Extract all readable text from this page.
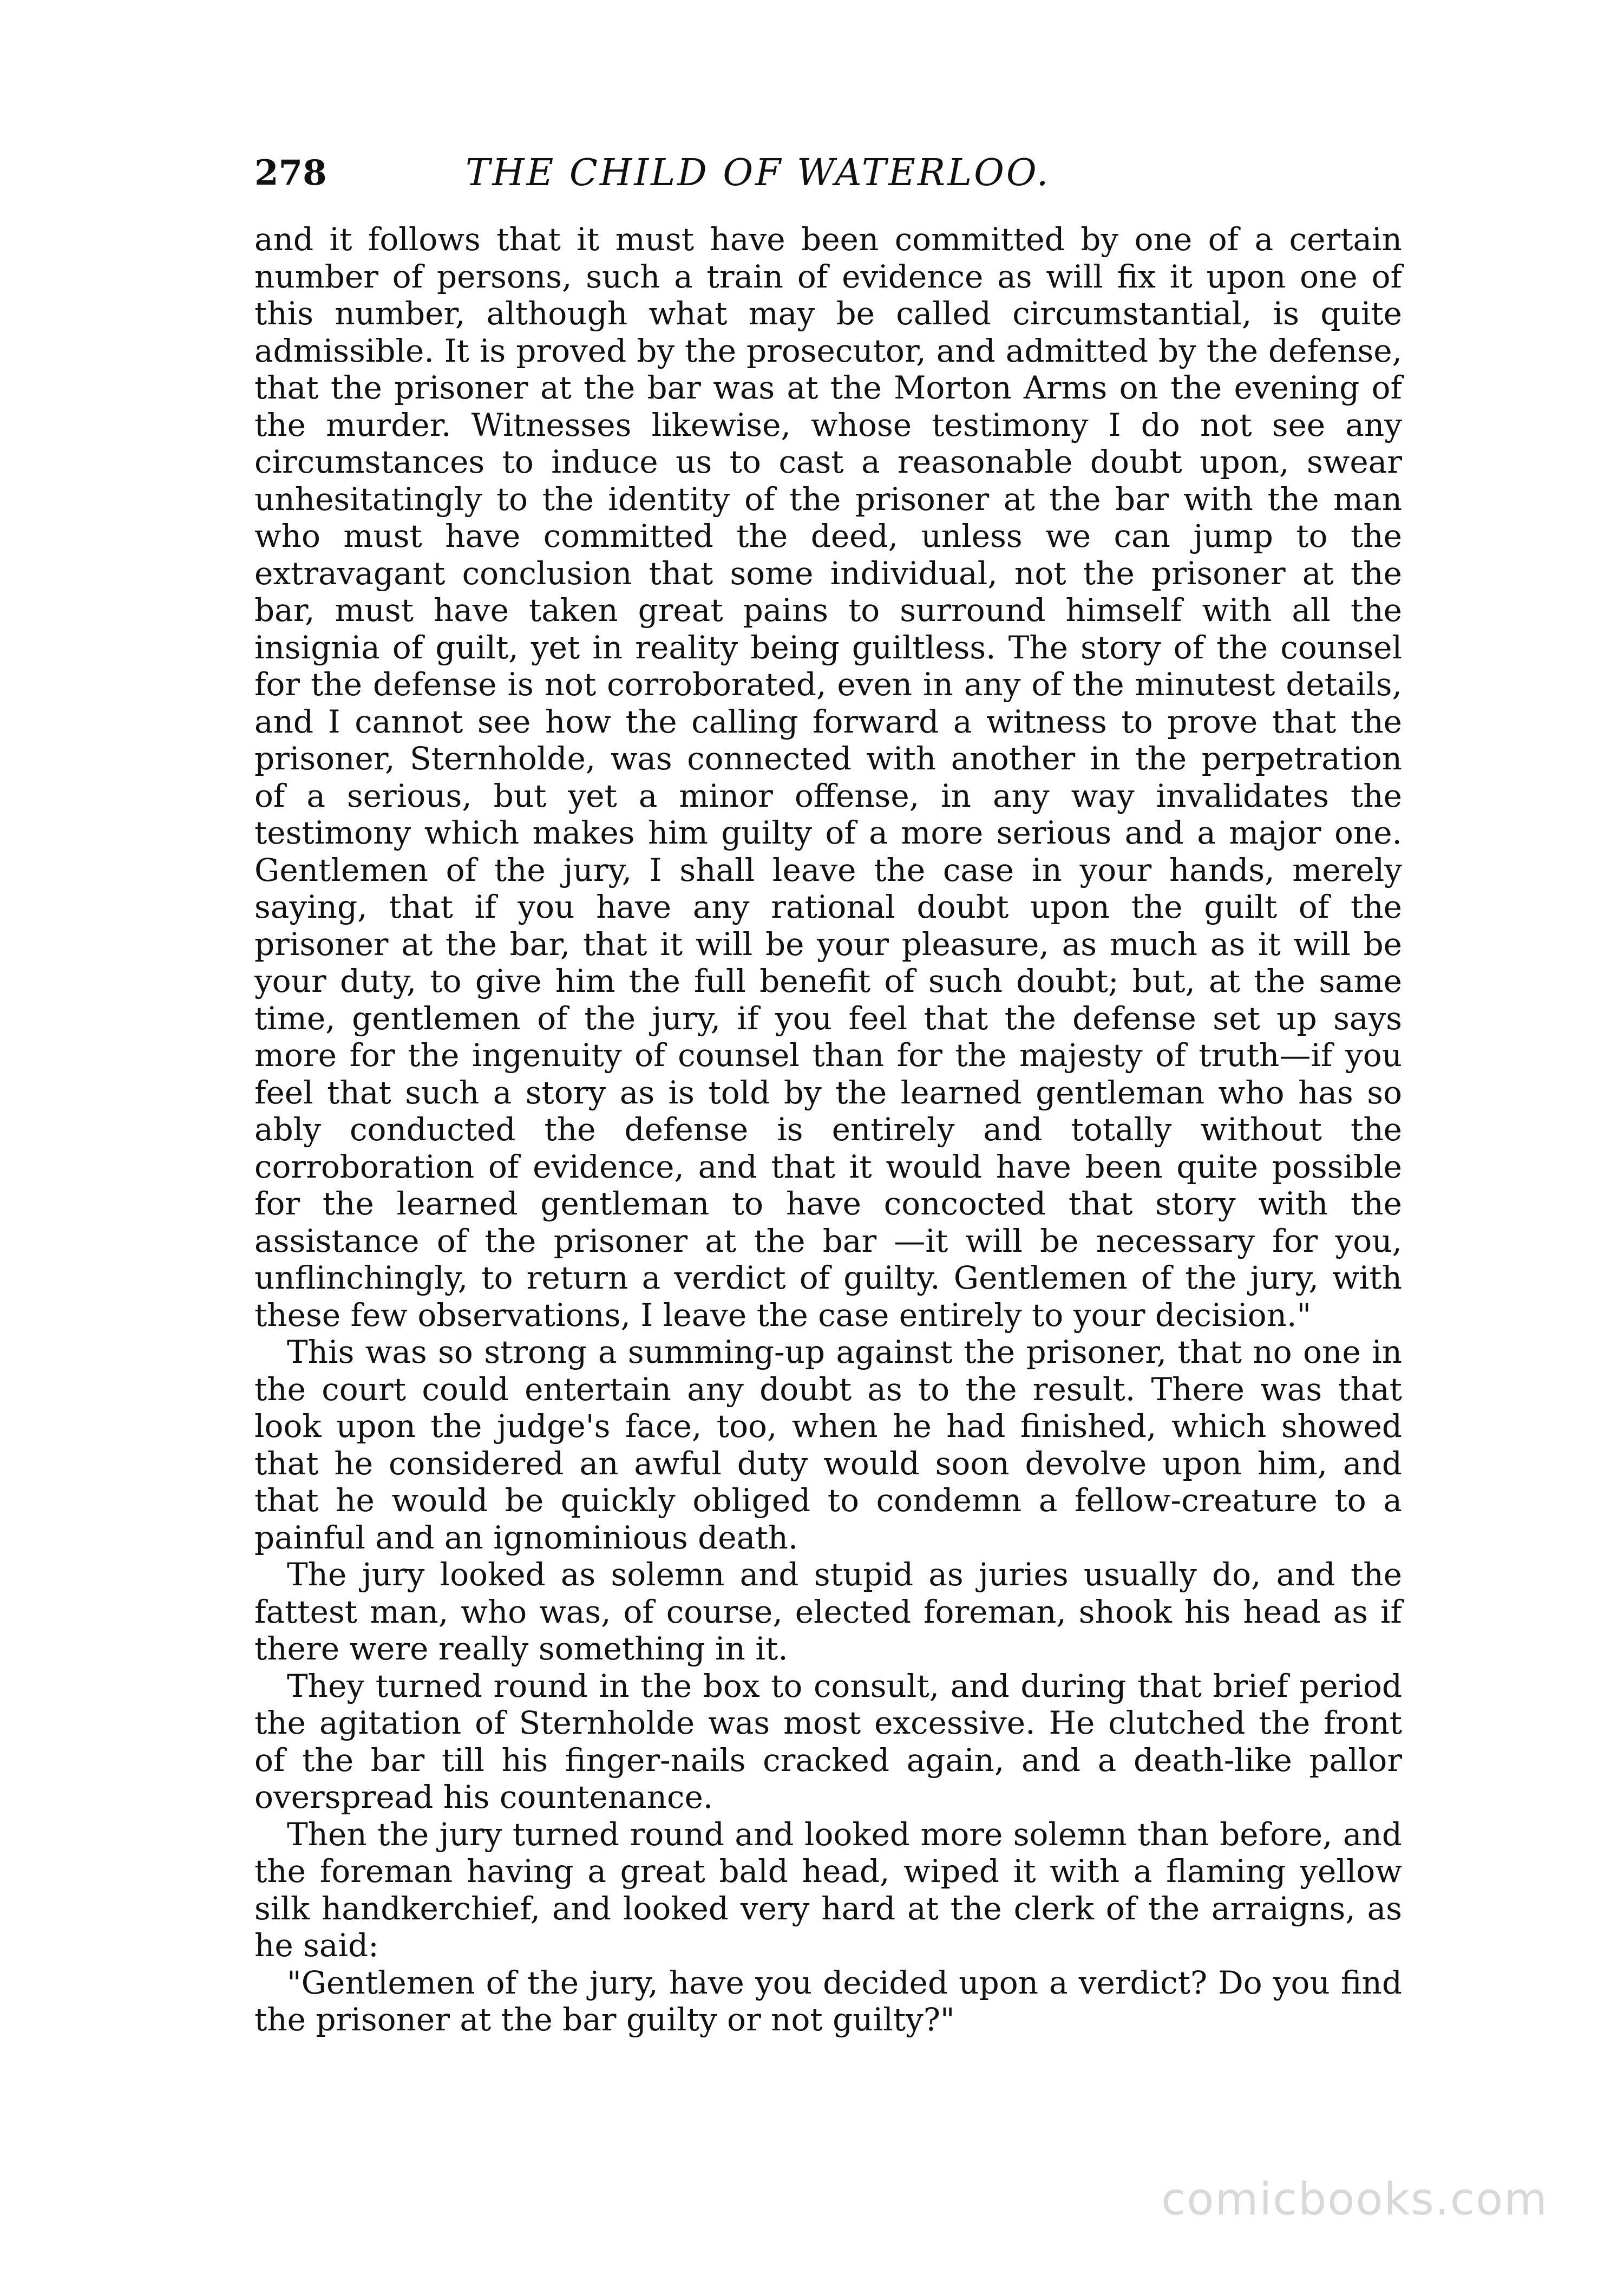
278	THE CHILD OF WATERLOO.

and it follows that it must have been committed by one of a certain number of persons, such a train of evidence as will fix it upon one of this number, although what may be called circumstantial, is quite admissible. It is proved by the prosecutor, and admitted by the defense, that the prisoner at the bar was at the Morton Arms on the evening of the murder. Witnesses likewise, whose testimony I do not see any circumstances to induce us to cast a reasonable doubt upon, swear unhesitatingly to the identity of the prisoner at the bar with the man who must have committed the deed, unless we can jump to the extravagant conclusion that some individual, not the prisoner at the bar, must have taken great pains to surround himself with all the insignia of guilt, yet in reality being guiltless. The story of the counsel for the defense is not corroborated, even in any of the minutest details, and I cannot see how the calling forward a witness to prove that the prisoner, Sternholde, was connected with another in the perpetration of a serious, but yet a minor offense, in any way invalidates the testimony which makes him guilty of a more serious and a major one. Gentlemen of the jury, I shall leave the case in your hands, merely saying, that if you have any rational doubt upon the guilt of the prisoner at the bar, that it will be your pleasure, as much as it will be your duty, to give him the full benefit of such doubt; but, at the same time, gentlemen of the jury, if you feel that the defense set up says more for the ingenuity of counsel than for the majesty of truth—if you feel that such a story as is told by the learned gentleman who has so ably conducted the defense is entirely and totally without the corroboration of evidence, and that it would have been quite possible for the learned gentleman to have concocted that story with the assistance of the prisoner at the bar —it will be necessary for you, unflinchingly, to return a verdict of guilty. Gentlemen of the jury, with these few observations, I leave the case entirely to your decision."

This was so strong a summing-up against the prisoner, that no one in the court could entertain any doubt as to the result. There was that look upon the judge's face, too, when he had finished, which showed that he considered an awful duty would soon devolve upon him, and that he would be quickly obliged to condemn a fellow-creature to a painful and an ignominious death.

The jury looked as solemn and stupid as juries usually do, and the fattest man, who was, of course, elected foreman, shook his head as if there were really something in it.

They turned round in the box to consult, and during that brief period the agitation of Sternholde was most excessive. He clutched the front of the bar till his finger-nails cracked again, and a death-like pallor overspread his countenance.

Then the jury turned round and looked more solemn than before, and the foreman having a great bald head, wiped it with a flaming yellow silk handkerchief, and looked very hard at the clerk of the arraigns, as he said:

"Gentlemen of the jury, have you decided upon a verdict? Do you find the prisoner at the bar guilty or not guilty?"

comicbooks.com
